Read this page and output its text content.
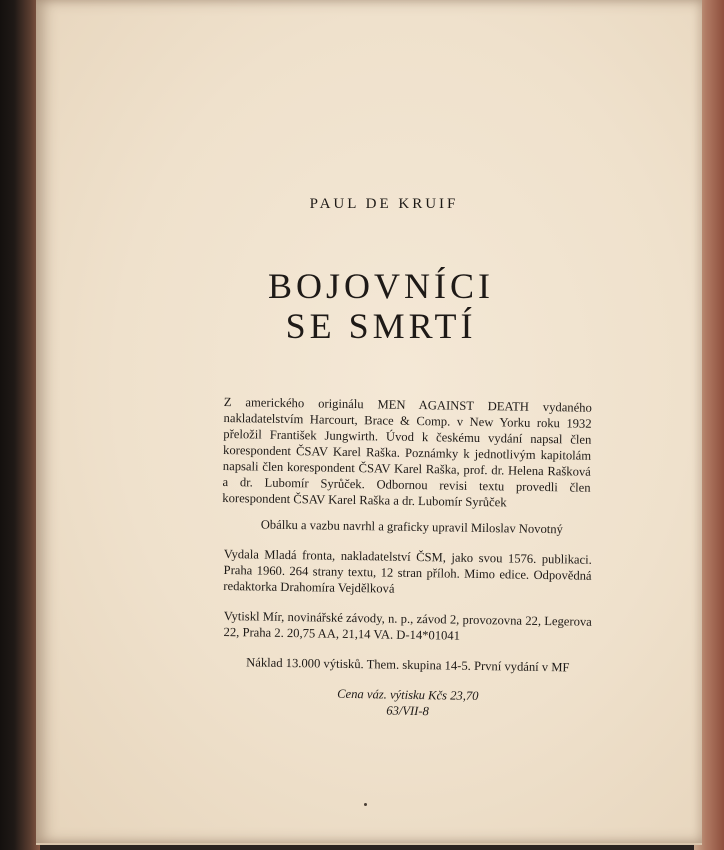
PAUL DE KRUIF
BOJOVNÍCI
SE SMRTÍ
Z amerického originálu MEN AGAINST DEATH vydaného nakladatelstvím Harcourt, Brace & Comp. v New Yorku roku 1932 přeložil František Jungwirth. Úvod k českému vydání napsal člen korespondent ČSAV Karel Raška. Poznámky k jednotlivým kapitolám napsali člen korespondent ČSAV Karel Raška, prof. dr. Helena Rašková a dr. Lubomír Syrůček. Odbornou revisi textu provedli člen korespondent ČSAV Karel Raška a dr. Lubomír Syrůček
Obálku a vazbu navrhl a graficky upravil Miloslav Novotný
Vydala Mladá fronta, nakladatelství ČSM, jako svou 1576. publikaci. Praha 1960. 264 strany textu, 12 stran příloh. Mimo edice. Odpovědná redaktorka Drahomíra Vejdělková
Vytiskl Mír, novinářské závody, n. p., závod 2, provozovna 22, Legerova 22, Praha 2. 20,75 AA, 21,14 VA. D-14*01041
Náklad 13.000 výtisků. Them. skupina 14-5. První vydání v MF
Cena váz. výtisku Kčs 23,70
63/VII-8
